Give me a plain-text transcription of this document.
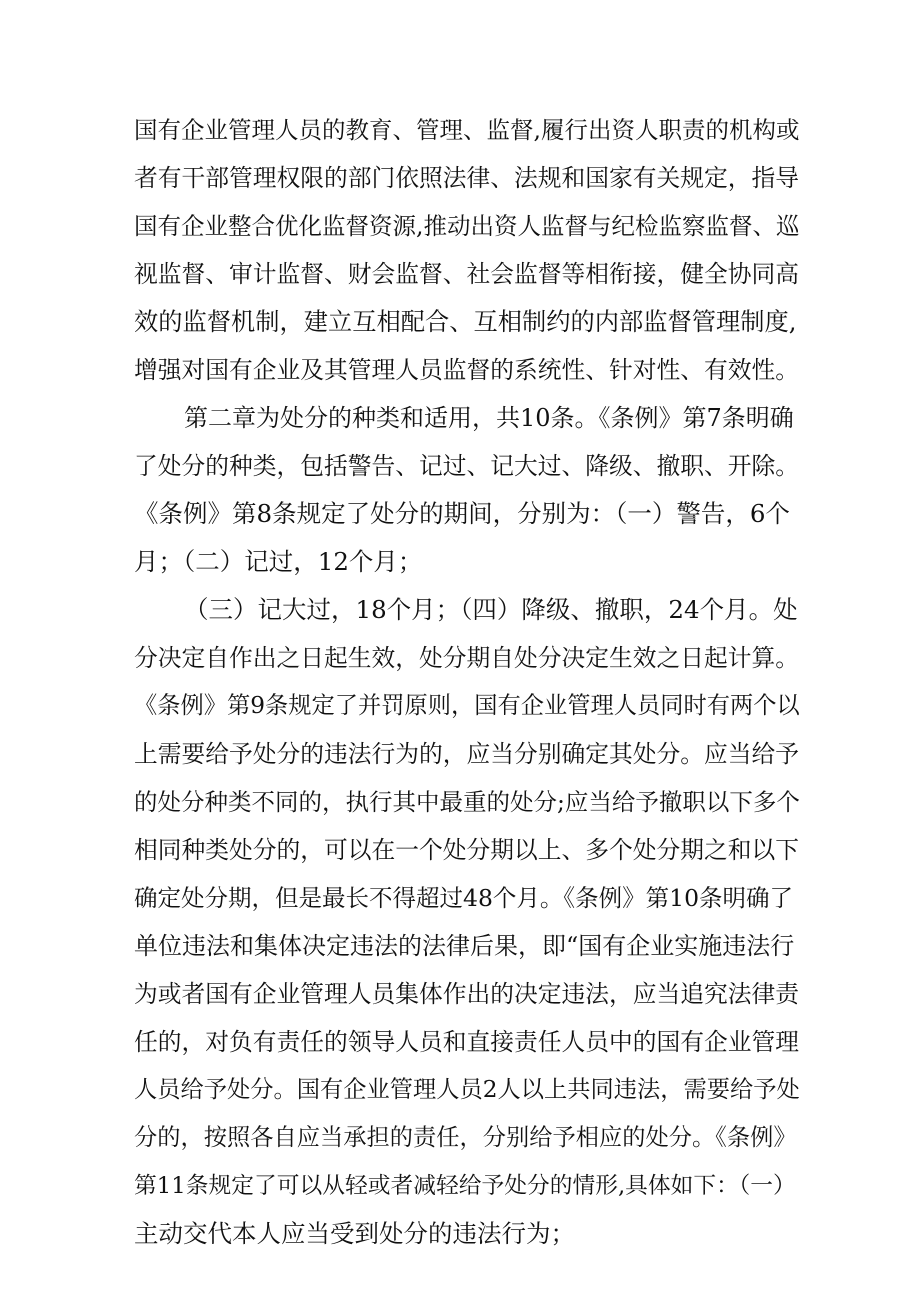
国有企业管理人员的教育、管理、监督,履行出资人职责的机构或
者有干部管理权限的部门依照法律、法规和国家有关规定，指导
国有企业整合优化监督资源,推动出资人监督与纪检监察监督、巡
视监督、审计监督、财会监督、社会监督等相衔接，健全协同高
效的监督机制，建立互相配合、互相制约的内部监督管理制度,
增强对国有企业及其管理人员监督的系统性、针对性、有效性。
第二章为处分的种类和适用，共10条。《条例》第7条明确
了处分的种类，包括警告、记过、记大过、降级、撤职、开除。
《条例》第8条规定了处分的期间，分别为：（一）警告，6个
月；（二）记过，12个月；
（三）记大过，18个月；（四）降级、撤职，24个月。处
分决定自作出之日起生效，处分期自处分决定生效之日起计算。
《条例》第9条规定了并罚原则，国有企业管理人员同时有两个以
上需要给予处分的违法行为的，应当分别确定其处分。应当给予
的处分种类不同的，执行其中最重的处分;应当给予撤职以下多个
相同种类处分的，可以在一个处分期以上、多个处分期之和以下
确定处分期，但是最长不得超过48个月。《条例》第10条明确了
单位违法和集体决定违法的法律后果，即“国有企业实施违法行
为或者国有企业管理人员集体作出的决定违法，应当追究法律责
任的，对负有责任的领导人员和直接责任人员中的国有企业管理
人员给予处分。国有企业管理人员2人以上共同违法，需要给予处
分的，按照各自应当承担的责任，分别给予相应的处分。《条例》
第11条规定了可以从轻或者减轻给予处分的情形,具体如下：（一）
主动交代本人应当受到处分的违法行为；
